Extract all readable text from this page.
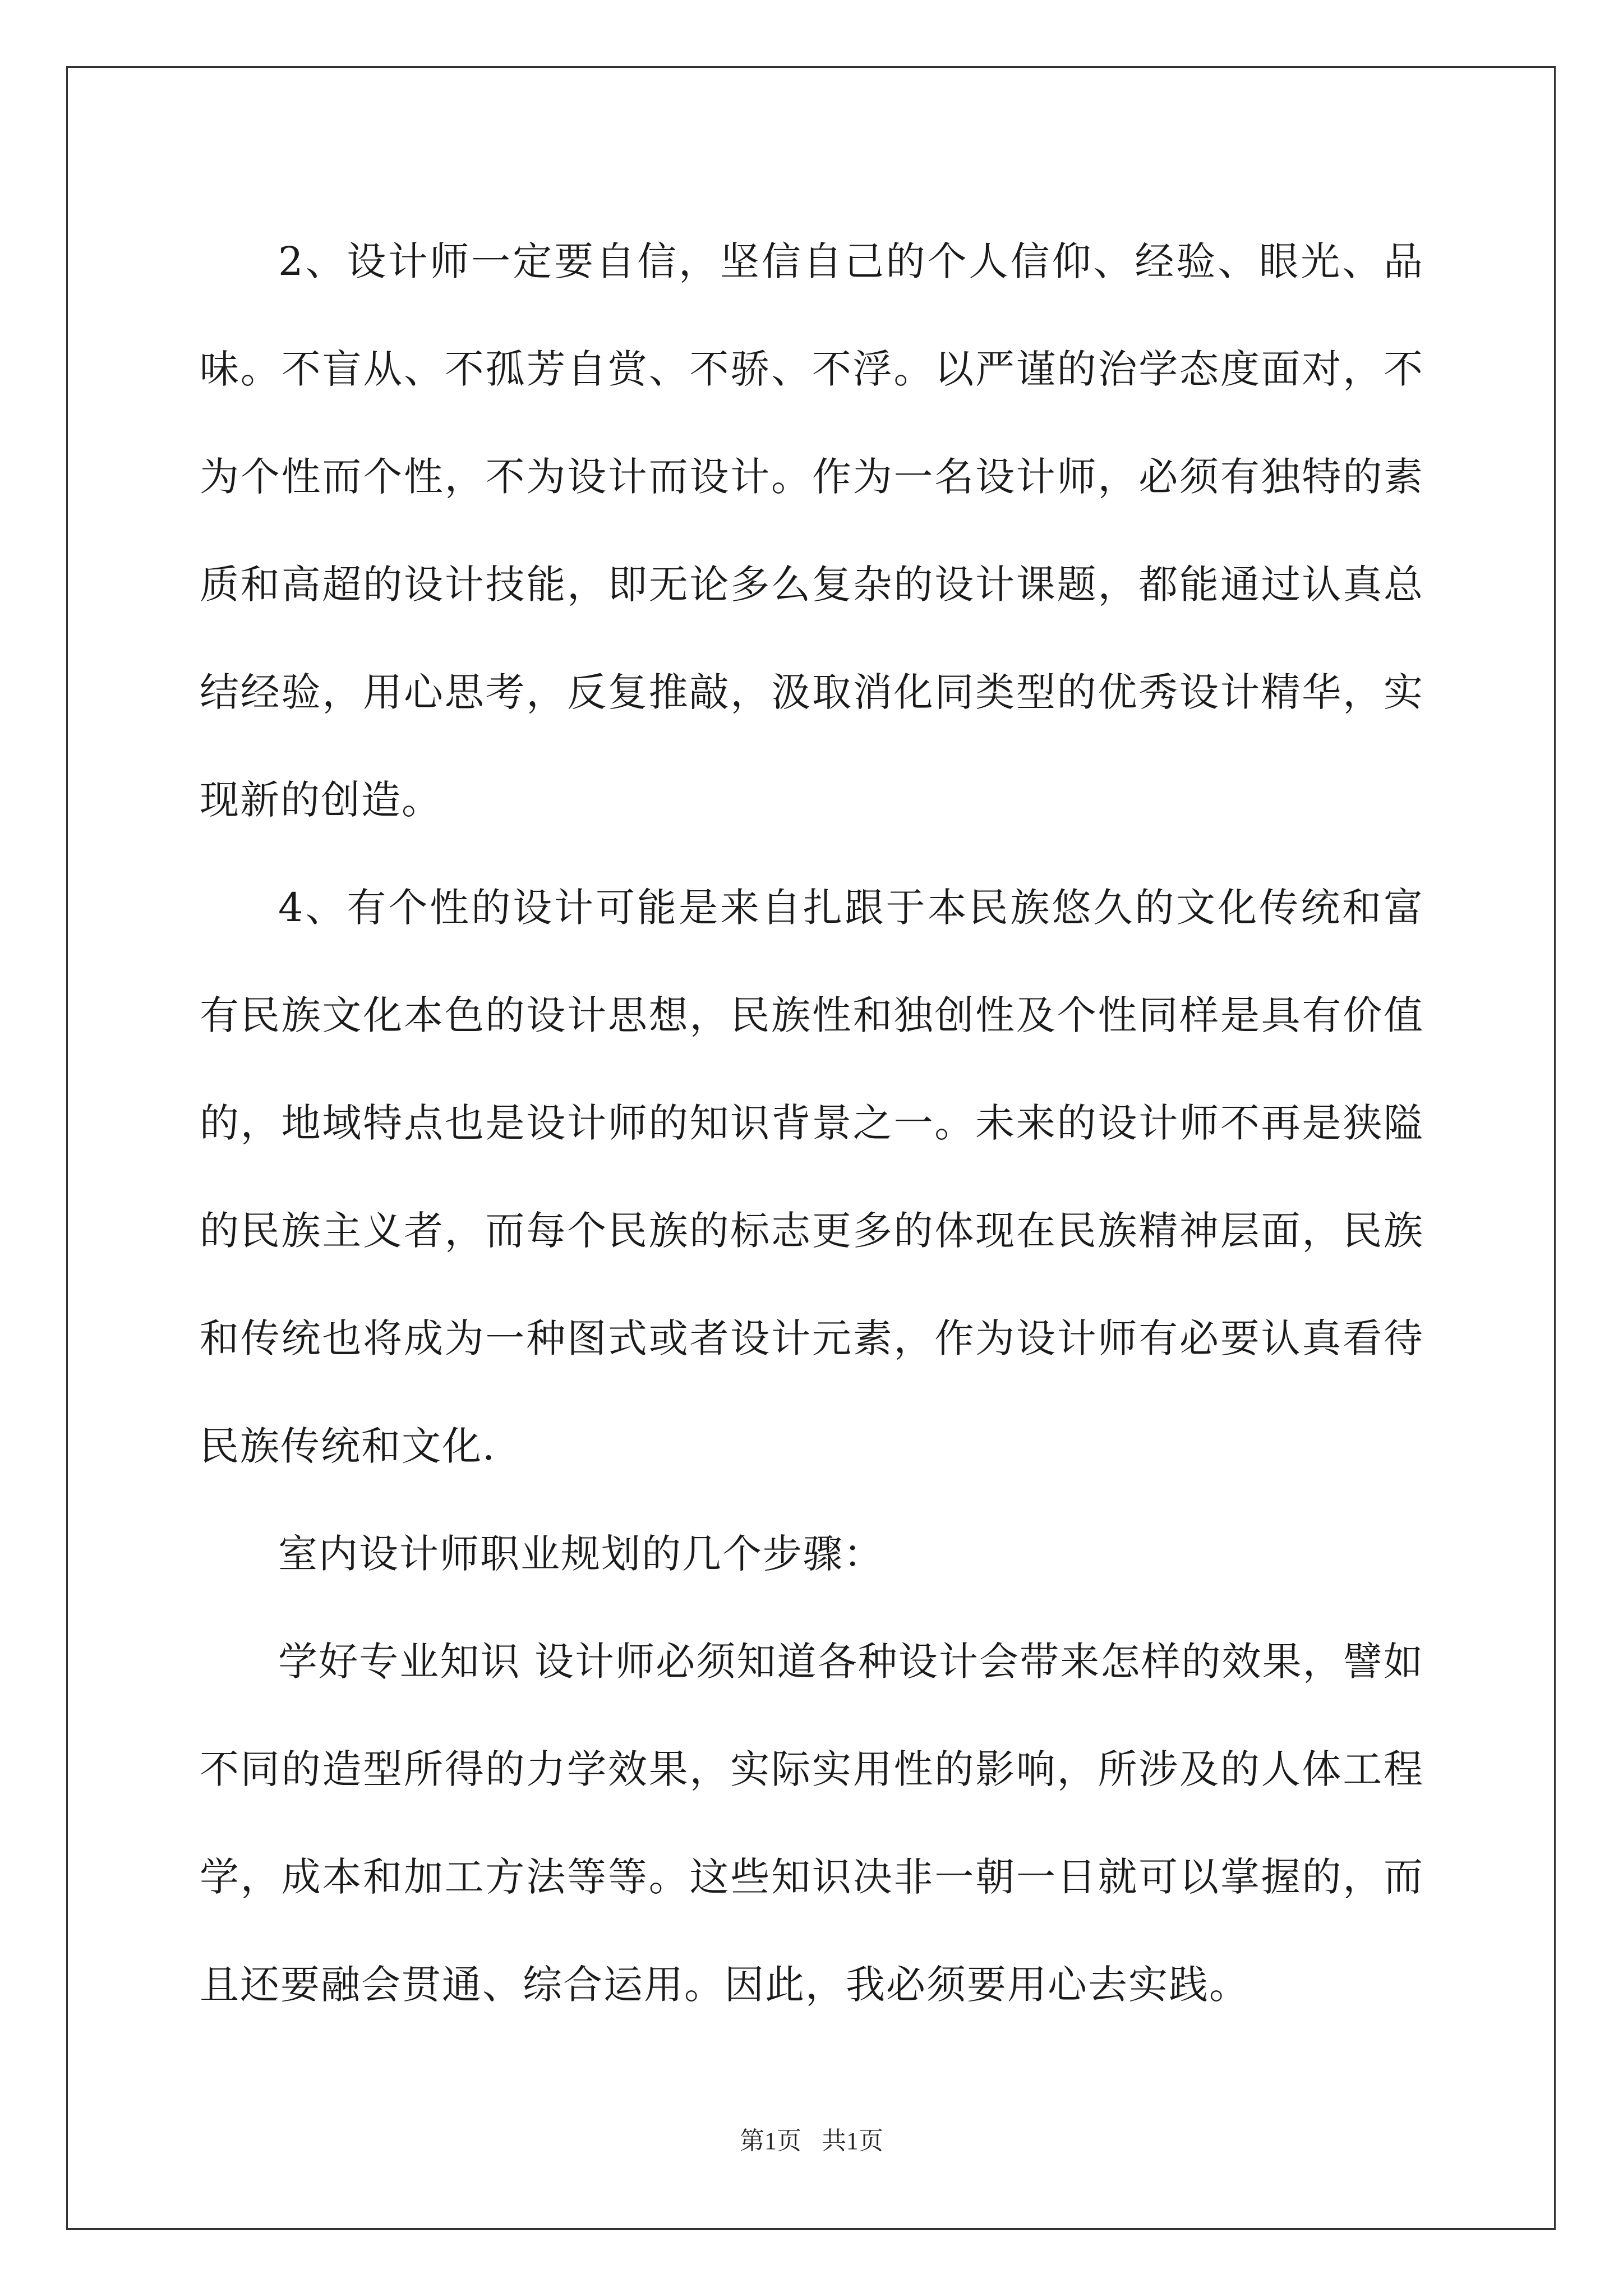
2、设计师一定要自信，坚信自己的个人信仰、经验、眼光、品味。不盲从、不孤芳自赏、不骄、不浮。以严谨的治学态度面对，不为个性而个性，不为设计而设计。作为一名设计师，必须有独特的素质和高超的设计技能，即无论多么复杂的设计课题，都能通过认真总结经验，用心思考，反复推敲，汲取消化同类型的优秀设计精华，实现新的创造。

4、有个性的设计可能是来自扎跟于本民族悠久的文化传统和富有民族文化本色的设计思想，民族性和独创性及个性同样是具有价值的，地域特点也是设计师的知识背景之一。未来的设计师不再是狭隘的民族主义者，而每个民族的标志更多的体现在民族精神层面，民族和传统也将成为一种图式或者设计元素，作为设计师有必要认真看待民族传统和文化.

室内设计师职业规划的几个步骤：

学好专业知识 设计师必须知道各种设计会带来怎样的效果，譬如不同的造型所得的力学效果，实际实用性的影响，所涉及的人体工程学，成本和加工方法等等。这些知识决非一朝一日就可以掌握的，而且还要融会贯通、综合运用。因此，我必须要用心去实践。

第1页 共1页
